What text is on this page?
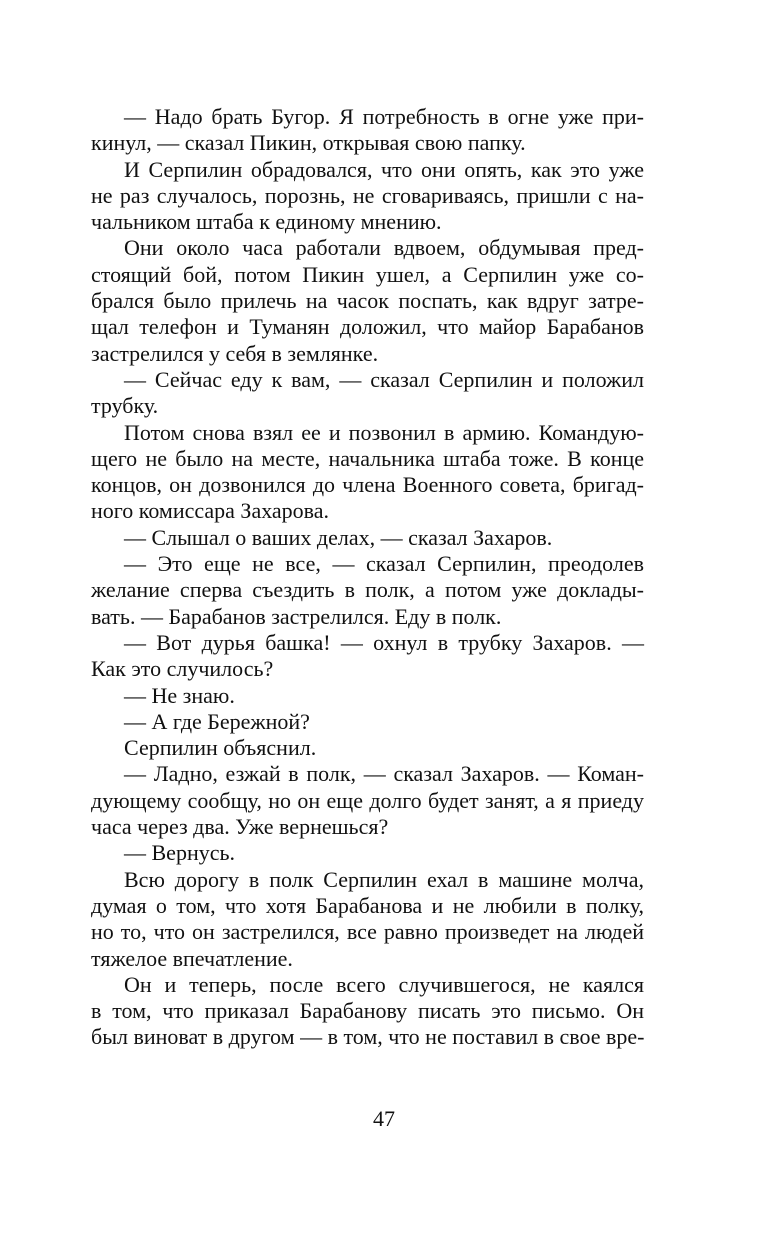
— Надо брать Бугор. Я потребность в огне уже при-
кинул, — сказал Пикин, открывая свою папку.
И Серпилин обрадовался, что они опять, как это уже
не раз случалось, порознь, не сговариваясь, пришли с на-
чальником штаба к единому мнению.
Они около часа работали вдвоем, обдумывая пред-
стоящий бой, потом Пикин ушел, а Серпилин уже со-
брался было прилечь на часок поспать, как вдруг затре-
щал телефон и Туманян доложил, что майор Барабанов
застрелился у себя в землянке.
— Сейчас еду к вам, — сказал Серпилин и положил
трубку.
Потом снова взял ее и позвонил в армию. Командую-
щего не было на месте, начальника штаба тоже. В конце
концов, он дозвонился до члена Военного совета, бригад-
ного комиссара Захарова.
— Слышал о ваших делах, — сказал Захаров.
— Это еще не все, — сказал Серпилин, преодолев
желание сперва съездить в полк, а потом уже доклады-
вать. — Барабанов застрелился. Еду в полк.
— Вот дурья башка! — охнул в трубку Захаров. —
Как это случилось?
— Не знаю.
— А где Бережной?
Серпилин объяснил.
— Ладно, езжай в полк, — сказал Захаров. — Коман-
дующему сообщу, но он еще долго будет занят, а я приеду
часа через два. Уже вернешься?
— Вернусь.
Всю дорогу в полк Серпилин ехал в машине молча,
думая о том, что хотя Барабанова и не любили в полку,
но то, что он застрелился, все равно произведет на людей
тяжелое впечатление.
Он и теперь, после всего случившегося, не каялся
в том, что приказал Барабанову писать это письмо. Он
был виноват в другом — в том, что не поставил в свое вре-
47
